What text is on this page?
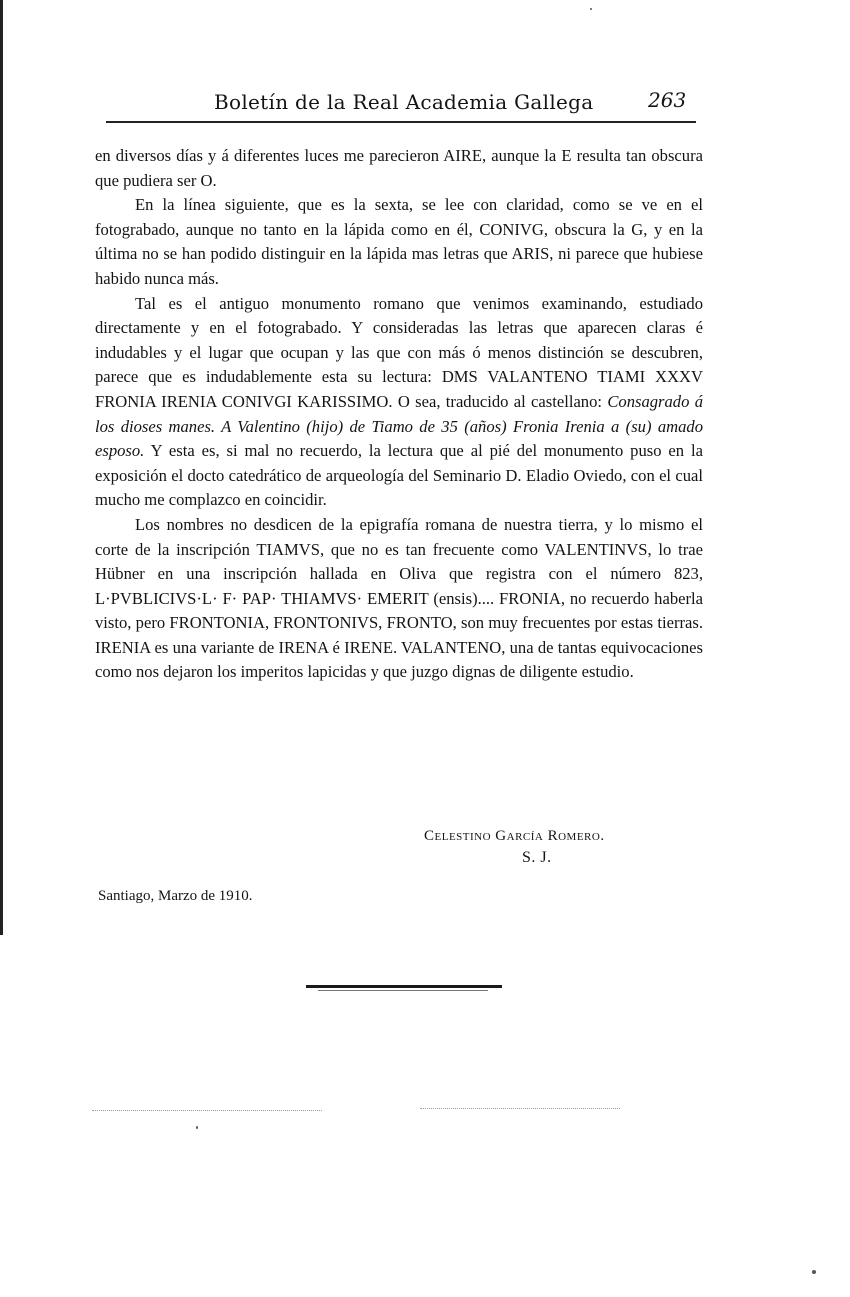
Boletín de la Real Academia Gallega	263

en diversos días y á diferentes luces me parecieron AIRE, aunque la E resulta tan obscura que pudiera ser O.

En la línea siguiente, que es la sexta, se lee con claridad, como se ve en el fotograbado, aunque no tanto en la lápida como en él, CONIVG, obscura la G, y en la última no se han podido distinguir en la lápida mas letras que ARIS, ni parece que hubiese habido nunca más.

Tal es el antiguo monumento romano que venimos examinando, estudiado directamente y en el fotograbado. Y consideradas las letras que aparecen claras é indudables y el lugar que ocupan y las que con más ó menos distinción se descubren, parece que es indudablemente esta su lectura: DMS VALANTENO TIAMI XXXV FRONIA IRENIA CONIVGI KARISSIMO. O sea, traducido al castellano: Consagrado á los dioses manes. A Valentino (hijo) de Tiamo de 35 (años) Fronia Irenia a (su) amado esposo. Y esta es, si mal no recuerdo, la lectura que al pié del monumento puso en la exposición el docto catedrático de arqueología del Seminario D. Eladio Oviedo, con el cual mucho me complazco en coincidir.

Los nombres no desdicen de la epigrafía romana de nuestra tierra, y lo mismo el corte de la inscripción TIAMVS, que no es tan frecuente como VALENTINVS, lo trae Hübner en una inscripción hallada en Oliva que registra con el número 823, L·PVBLICIVS·L· F· PAP· THIAMVS· EMERIT (ensis).... FRONIA, no recuerdo haberla visto, pero FRONTONIA, FRONTONIVS, FRONTO, son muy frecuentes por estas tierras. IRENIA es una variante de IRENA é IRENE. VALANTENO, una de tantas equivocaciones como nos dejaron los imperitos lapicidas y que juzgo dignas de diligente estudio.

Celestino García Romero.
S. J.
Santiago, Marzo de 1910.
